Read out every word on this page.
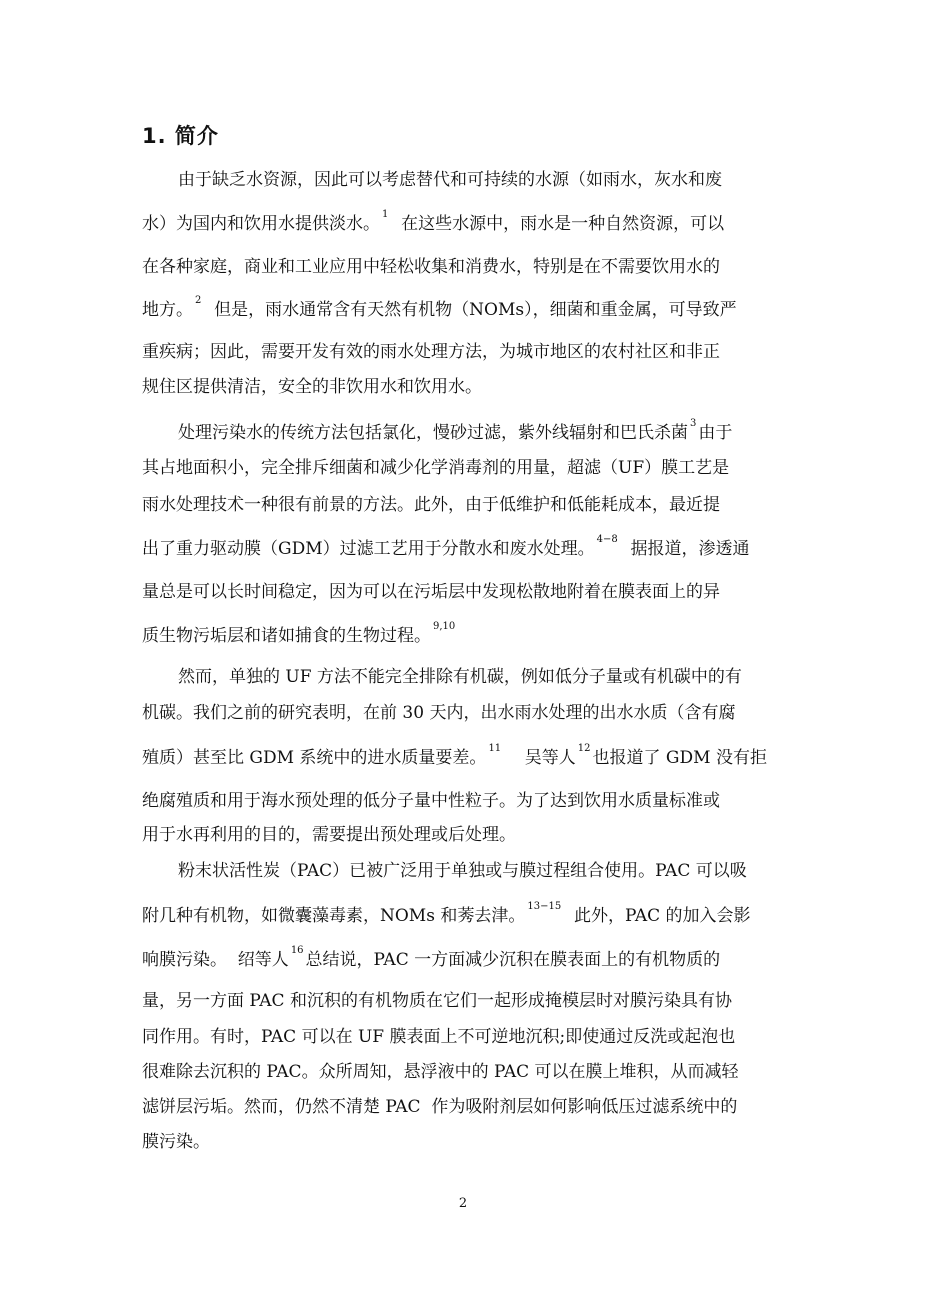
1. 简介
由于缺乏水资源，因此可以考虑替代和可持续的水源（如雨水，灰水和废
水）为国内和饮用水提供淡水。 $^1$  在这些水源中，雨水是一种自然资源，可以
在各种家庭，商业和工业应用中轻松收集和消费水，特别是在不需要饮用水的
地方。 $^2$  但是，雨水通常含有天然有机物（NOMs），细菌和重金属，可导致严
重疾病；因此，需要开发有效的雨水处理方法，为城市地区的农村社区和非正
规住区提供清洁，安全的非饮用水和饮用水。
处理污染水的传统方法包括氯化，慢砂过滤，紫外线辐射和巴氏杀菌 $^3$ 由于
其占地面积小，完全排斥细菌和减少化学消毒剂的用量，超滤（UF）膜工艺是
雨水处理技术一种很有前景的方法。此外，由于低维护和低能耗成本，最近提
出了重力驱动膜（GDM）过滤工艺用于分散水和废水处理。 $^{4-8}$  据报道，渗透通
量总是可以长时间稳定，因为可以在污垢层中发现松散地附着在膜表面上的异
质生物污垢层和诸如捕食的生物过程。 $^{9,10}$
然而，单独的 UF 方法不能完全排除有机碳，例如低分子量或有机碳中的有
机碳。我们之前的研究表明，在前 30 天内，出水雨水处理的出水水质（含有腐
殖质）甚至比 GDM 系统中的进水质量要差。 $^{11}$    吴等人 $^{12}$ 也报道了 GDM 没有拒
绝腐殖质和用于海水预处理的低分子量中性粒子。为了达到饮用水质量标准或
用于水再利用的目的，需要提出预处理或后处理。
粉末状活性炭（PAC）已被广泛用于单独或与膜过程组合使用。PAC 可以吸
附几种有机物，如微囊藻毒素，NOMs 和莠去津。 $^{13-15}$  此外，PAC 的加入会影
响膜污染。  绍等人 $^{16}$ 总结说，PAC 一方面减少沉积在膜表面上的有机物质的
量，另一方面 PAC 和沉积的有机物质在它们一起形成掩模层时对膜污染具有协
同作用。有时，PAC 可以在 UF 膜表面上不可逆地沉积;即使通过反洗或起泡也
很难除去沉积的 PAC。众所周知，悬浮液中的 PAC 可以在膜上堆积，从而减轻
滤饼层污垢。然而，仍然不清楚 PAC  作为吸附剂层如何影响低压过滤系统中的
膜污染。
2
